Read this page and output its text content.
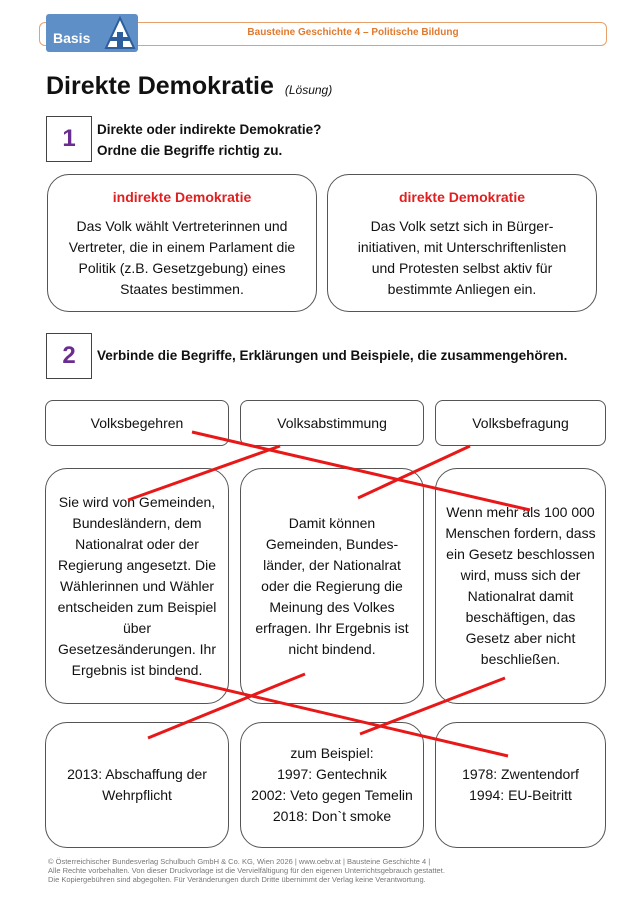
Bausteine Geschichte 4 – Politische Bildung
Basis
Direkte Demokratie (Lösung)
1	Direkte oder indirekte Demokratie?
Ordne die Begriffe richtig zu.
indirekte Demokratie
Das Volk wählt Vertreterinnen und Vertreter, die in einem Parlament die Politik (z.B. Gesetzgebung) eines Staates bestimmen.
direkte Demokratie
Das Volk setzt sich in Bürger-initiativen, mit Unterschriftenlisten und Protesten selbst aktiv für bestimmte Anliegen ein.
2	Verbinde die Begriffe, Erklärungen und Beispiele, die zusammengehören.
Volksbegehren	Volksabstimmung	Volksbefragung
Sie wird von Gemeinden, Bundesländern, dem Nationalrat oder der Regierung angesetzt. Die Wählerinnen und Wähler entscheiden zum Beispiel über Gesetzesänderungen. Ihr Ergebnis ist bindend.
Damit können Gemeinden, Bundes-länder, der Nationalrat oder die Regierung die Meinung des Volkes erfragen. Ihr Ergebnis ist nicht bindend.
Wenn mehr als 100 000 Menschen fordern, dass ein Gesetz beschlossen wird, muss sich der Nationalrat damit beschäftigen, das Gesetz aber nicht beschließen.
2013: Abschaffung der Wehrpflicht
zum Beispiel:
1997: Gentechnik
2002: Veto gegen Temelin
2018: Don`t smoke
1978: Zwentendorf
1994: EU-Beitritt
© Österreichischer Bundesverlag Schulbuch GmbH & Co. KG, Wien 2026 | www.oebv.at | Bausteine Geschichte 4 |
Alle Rechte vorbehalten. Von dieser Druckvorlage ist die Vervielfältigung für den eigenen Unterrichtsgebrauch gestattet.
Die Kopiergebühren sind abgegolten. Für Veränderungen durch Dritte übernimmt der Verlag keine Verantwortung.
